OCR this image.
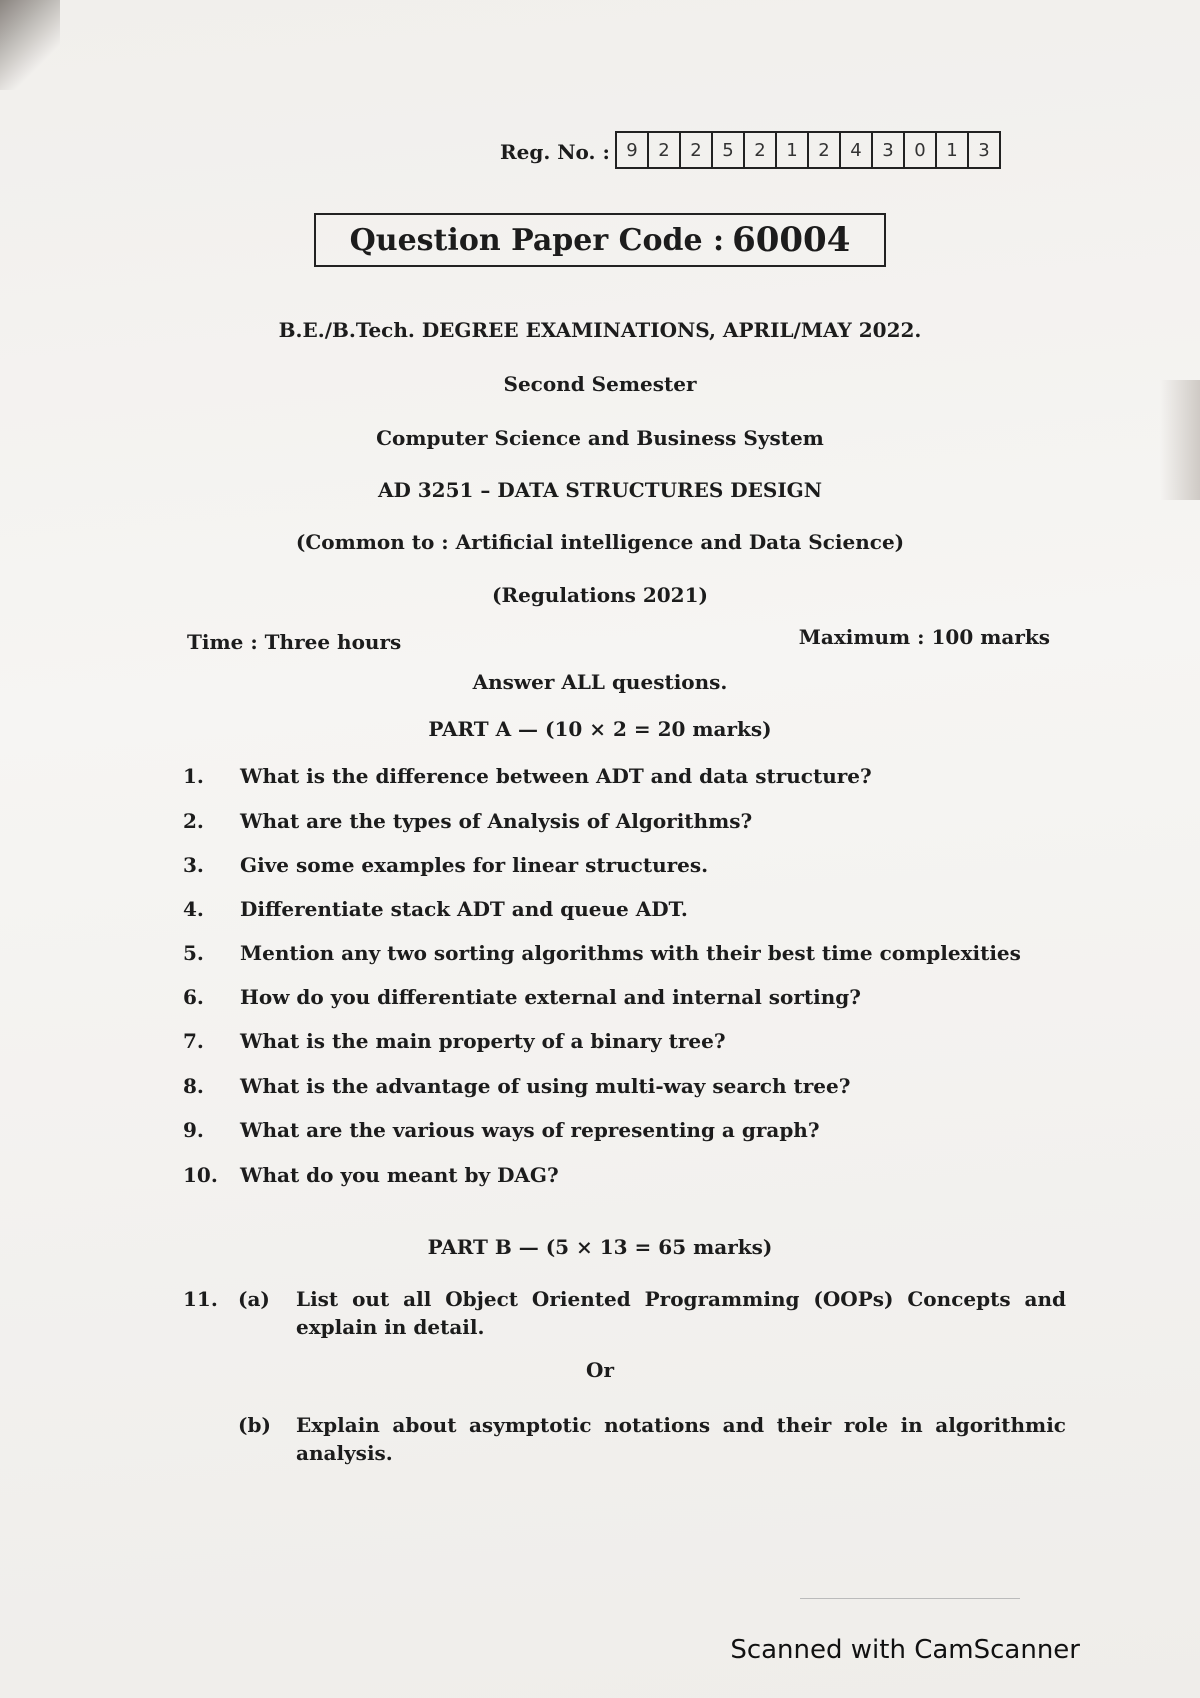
Reg. No. : 9	2	2	5	2	1	2	4	3	0	1	3
Question Paper Code : 60004
B.E./B.Tech. DEGREE EXAMINATIONS, APRIL/MAY 2022.
Second Semester
Computer Science and Business System
AD 3251 – DATA STRUCTURES DESIGN
(Common to : Artificial intelligence and Data Science)
(Regulations 2021)
Time : Three hours	Maximum : 100 marks
Answer ALL questions.
PART A — (10 × 2 = 20 marks)
1. What is the difference between ADT and data structure?
2. What are the types of Analysis of Algorithms?
3. Give some examples for linear structures.
4. Differentiate stack ADT and queue ADT.
5. Mention any two sorting algorithms with their best time complexities
6. How do you differentiate external and internal sorting?
7. What is the main property of a binary tree?
8. What is the advantage of using multi-way search tree?
9. What are the various ways of representing a graph?
10. What do you meant by DAG?
PART B — (5 × 13 = 65 marks)
11. (a) List out all Object Oriented Programming (OOPs) Concepts and explain in detail.
Or
(b) Explain about asymptotic notations and their role in algorithmic analysis.
Scanned with CamScanner
